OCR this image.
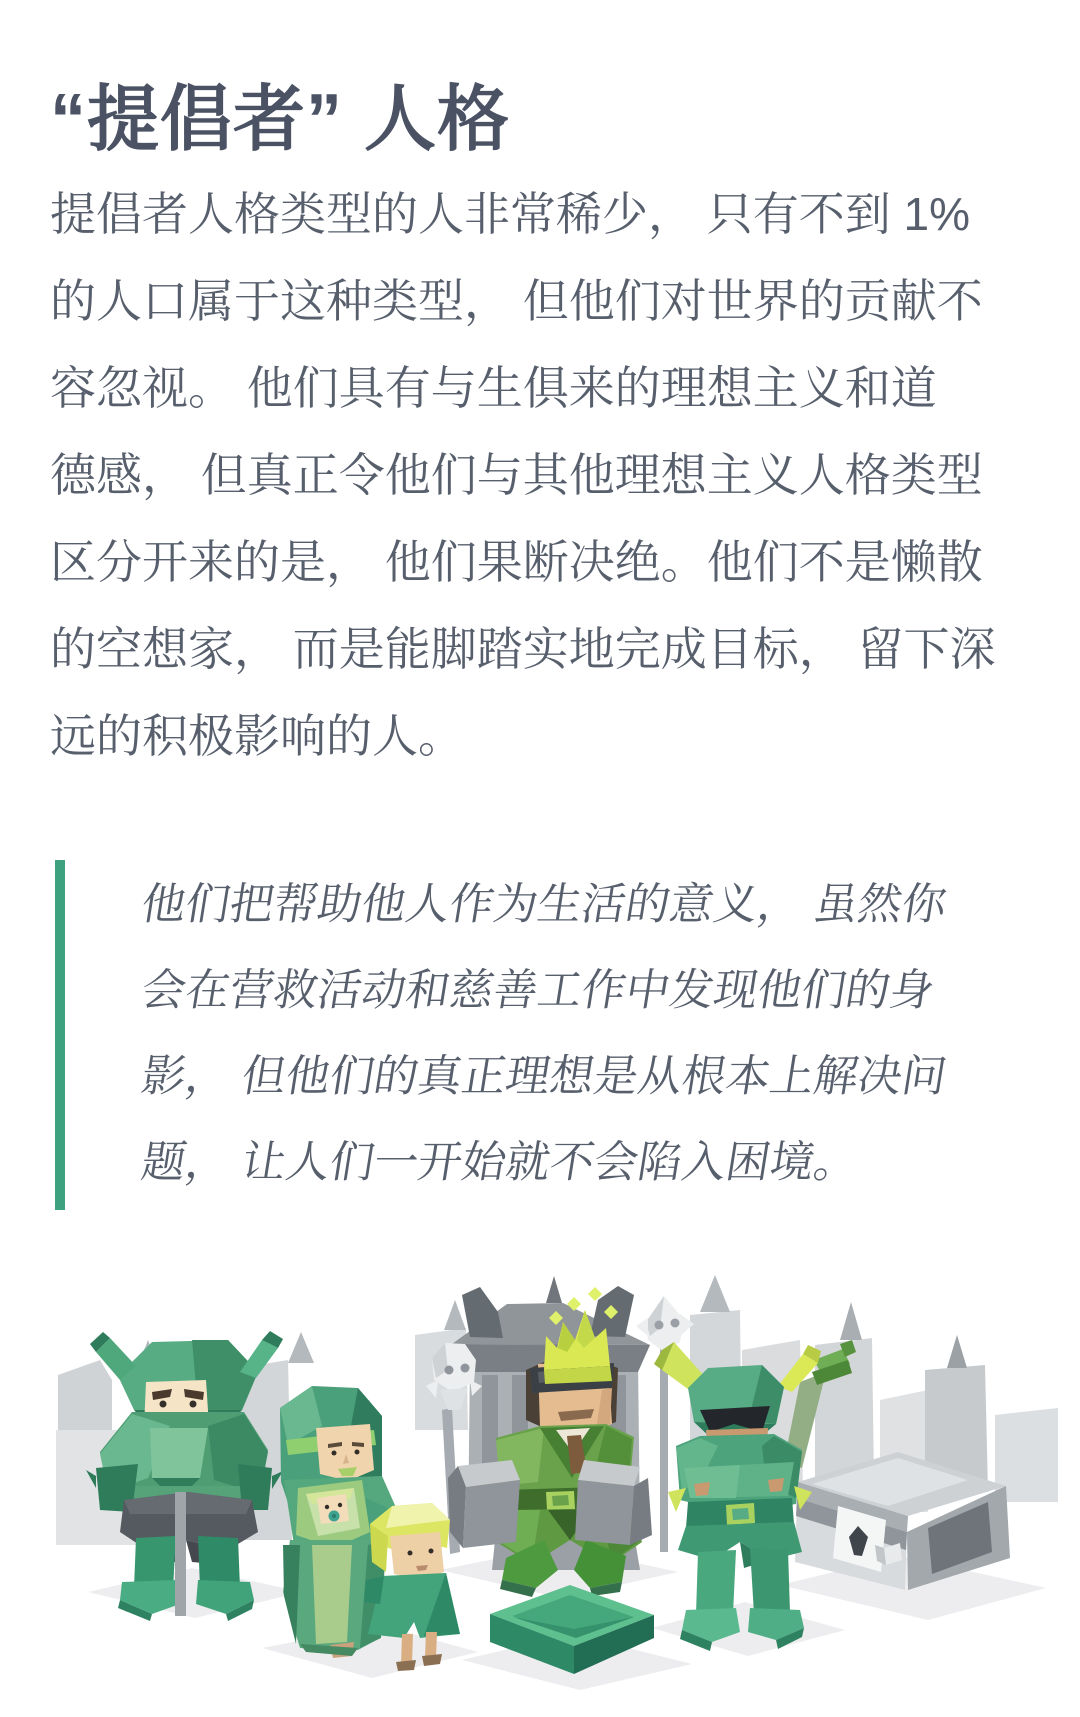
“提倡者” 人格
提倡者人格类型的人非常稀少， 只有不到 1%
的人口属于这种类型， 但他们对世界的贡献不
容忽视。 他们具有与生俱来的理想主义和道
德感， 但真正令他们与其他理想主义人格类型
区分开来的是， 他们果断决绝。他们不是懒散
的空想家， 而是能脚踏实地完成目标， 留下深
远的积极影响的人。
他们把帮助他人作为生活的意义， 虽然你
会在营救活动和慈善工作中发现他们的身
影， 但他们的真正理想是从根本上解决问
题， 让人们一开始就不会陷入困境。
